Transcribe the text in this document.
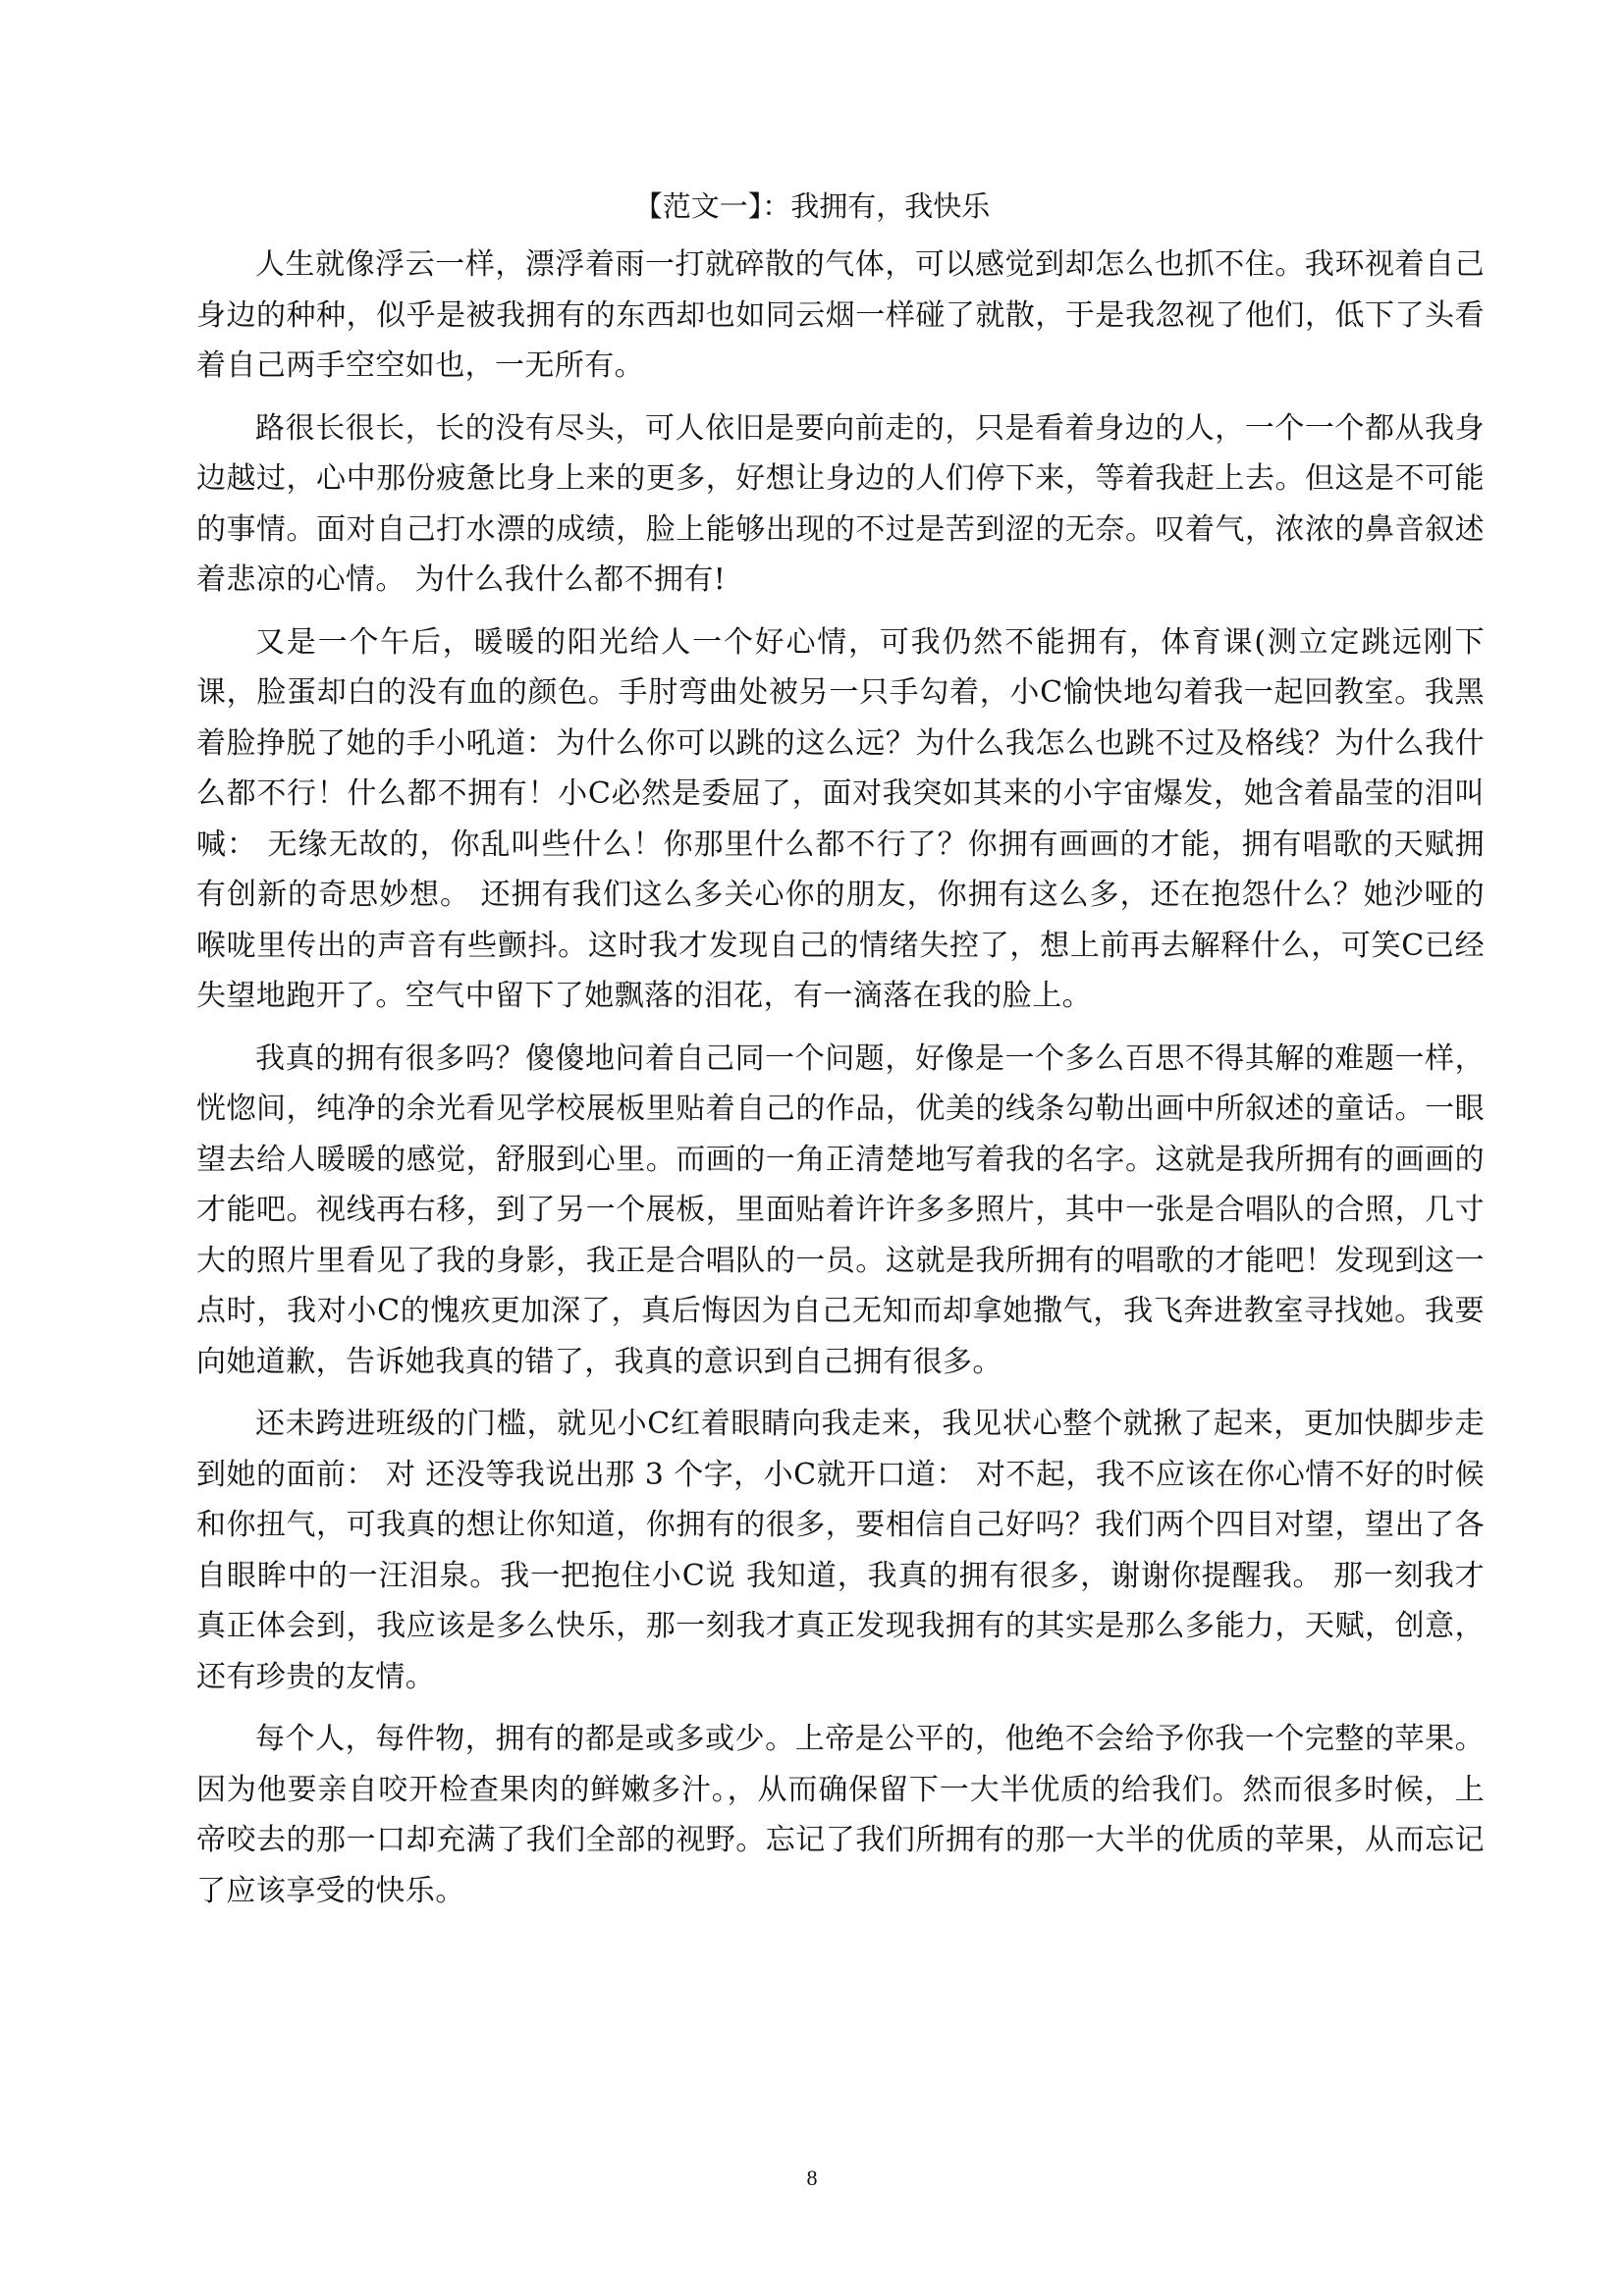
【范文一】：我拥有，我快乐

人生就像浮云一样，漂浮着雨一打就碎散的气体，可以感觉到却怎么也抓不住。我环视着自己身边的种种，似乎是被我拥有的东西却也如同云烟一样碰了就散，于是我忽视了他们，低下了头看着自己两手空空如也，一无所有。

路很长很长，长的没有尽头，可人依旧是要向前走的，只是看着身边的人，一个一个都从我身边越过，心中那份疲惫比身上来的更多，好想让身边的人们停下来，等着我赶上去。但这是不可能的事情。面对自己打水漂的成绩，脸上能够出现的不过是苦到涩的无奈。叹着气，浓浓的鼻音叙述着悲凉的心情。 为什么我什么都不拥有!

又是一个午后，暖暖的阳光给人一个好心情，可我仍然不能拥有，体育课(测立定跳远刚下课，脸蛋却白的没有血的颜色。手肘弯曲处被另一只手勾着，小C愉快地勾着我一起回教室。我黑着脸挣脱了她的手小吼道：为什么你可以跳的这么远？为什么我怎么也跳不过及格线？为什么我什么都不行！什么都不拥有！小C必然是委屈了，面对我突如其来的小宇宙爆发，她含着晶莹的泪叫喊： 无缘无故的，你乱叫些什么！你那里什么都不行了？你拥有画画的才能，拥有唱歌的天赋拥有创新的奇思妙想。 还拥有我们这么多关心你的朋友，你拥有这么多，还在抱怨什么？她沙哑的喉咙里传出的声音有些颤抖。这时我才发现自己的情绪失控了，想上前再去解释什么，可笑C已经失望地跑开了。空气中留下了她飘落的泪花，有一滴落在我的脸上。

我真的拥有很多吗？傻傻地问着自己同一个问题，好像是一个多么百思不得其解的难题一样，恍惚间，纯净的余光看见学校展板里贴着自己的作品，优美的线条勾勒出画中所叙述的童话。一眼望去给人暖暖的感觉，舒服到心里。而画的一角正清楚地写着我的名字。这就是我所拥有的画画的才能吧。视线再右移，到了另一个展板，里面贴着许许多多照片，其中一张是合唱队的合照，几寸大的照片里看见了我的身影，我正是合唱队的一员。这就是我所拥有的唱歌的才能吧！发现到这一点时，我对小C的愧疚更加深了，真后悔因为自己无知而却拿她撒气，我飞奔进教室寻找她。我要向她道歉，告诉她我真的错了，我真的意识到自己拥有很多。

还未跨进班级的门槛，就见小C红着眼睛向我走来，我见状心整个就揪了起来，更加快脚步走到她的面前： 对 还没等我说出那 3 个字，小C就开口道： 对不起，我不应该在你心情不好的时候和你扭气，可我真的想让你知道，你拥有的很多，要相信自己好吗？我们两个四目对望，望出了各自眼眸中的一汪泪泉。我一把抱住小C说 我知道，我真的拥有很多，谢谢你提醒我。 那一刻我才真正体会到，我应该是多么快乐，那一刻我才真正发现我拥有的其实是那么多能力，天赋，创意，还有珍贵的友情。

每个人，每件物，拥有的都是或多或少。上帝是公平的，他绝不会给予你我一个完整的苹果。因为他要亲自咬开检查果肉的鲜嫩多汁。，从而确保留下一大半优质的给我们。然而很多时候，上帝咬去的那一口却充满了我们全部的视野。忘记了我们所拥有的那一大半的优质的苹果，从而忘记了应该享受的快乐。

8
